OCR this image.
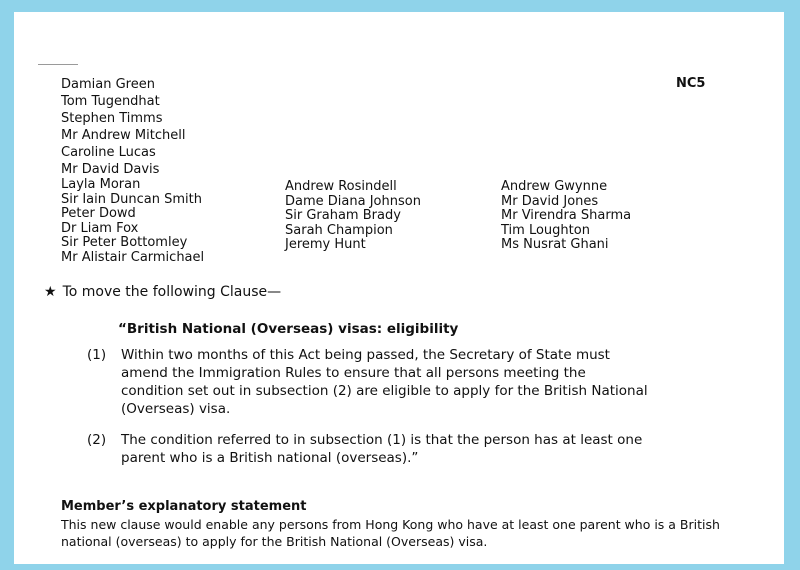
NC5
Damian Green
Tom Tugendhat
Stephen Timms
Mr Andrew Mitchell
Caroline Lucas
Mr David Davis
Layla Moran
Sir Iain Duncan Smith
Peter Dowd
Dr Liam Fox
Sir Peter Bottomley
Mr Alistair Carmichael
Andrew Rosindell
Dame Diana Johnson
Sir Graham Brady
Sarah Champion
Jeremy Hunt
Andrew Gwynne
Mr David Jones
Mr Virendra Sharma
Tim Loughton
Ms Nusrat Ghani
★ To move the following Clause—
“British National (Overseas) visas: eligibility
(1) Within two months of this Act being passed, the Secretary of State must amend the Immigration Rules to ensure that all persons meeting the condition set out in subsection (2) are eligible to apply for the British National (Overseas) visa.
(2) The condition referred to in subsection (1) is that the person has at least one parent who is a British national (overseas).”
Member’s explanatory statement
This new clause would enable any persons from Hong Kong who have at least one parent who is a British national (overseas) to apply for the British National (Overseas) visa.
